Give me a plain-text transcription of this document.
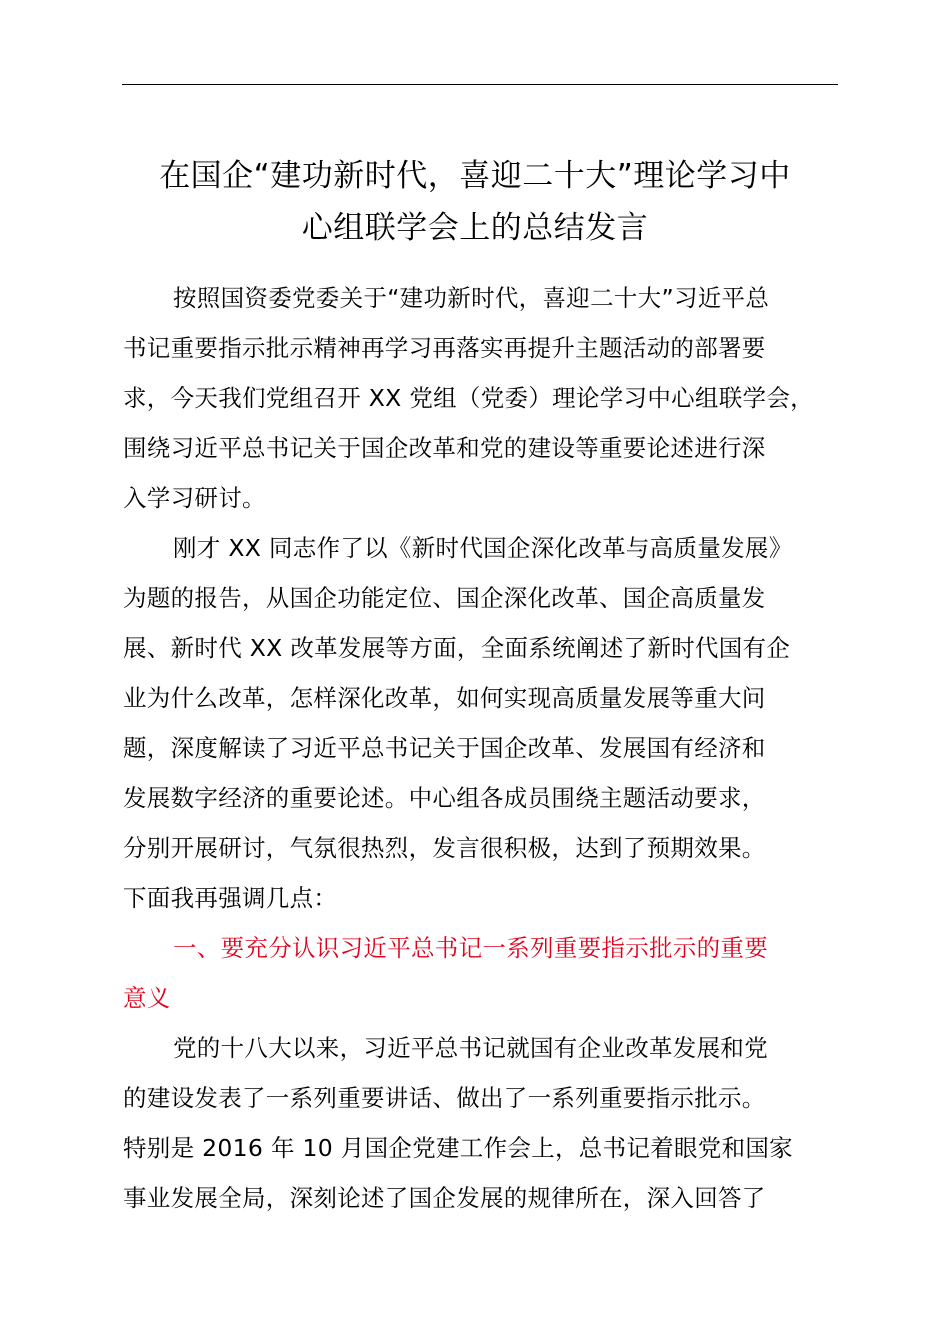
在国企“建功新时代，喜迎二十大”理论学习中
心组联学会上的总结发言
按照国资委党委关于“建功新时代，喜迎二十大”习近平总
书记重要指示批示精神再学习再落实再提升主题活动的部署要
求，今天我们党组召开 XX 党组（党委）理论学习中心组联学会，
围绕习近平总书记关于国企改革和党的建设等重要论述进行深
入学习研讨。
刚才 XX 同志作了以《新时代国企深化改革与高质量发展》
为题的报告，从国企功能定位、国企深化改革、国企高质量发
展、新时代 XX 改革发展等方面，全面系统阐述了新时代国有企
业为什么改革，怎样深化改革，如何实现高质量发展等重大问
题，深度解读了习近平总书记关于国企改革、发展国有经济和
发展数字经济的重要论述。中心组各成员围绕主题活动要求，
分别开展研讨，气氛很热烈，发言很积极，达到了预期效果。
下面我再强调几点：
一、要充分认识习近平总书记一系列重要指示批示的重要
意义
党的十八大以来，习近平总书记就国有企业改革发展和党
的建设发表了一系列重要讲话、做出了一系列重要指示批示。
特别是 2016 年 10 月国企党建工作会上，总书记着眼党和国家
事业发展全局，深刻论述了国企发展的规律所在，深入回答了
